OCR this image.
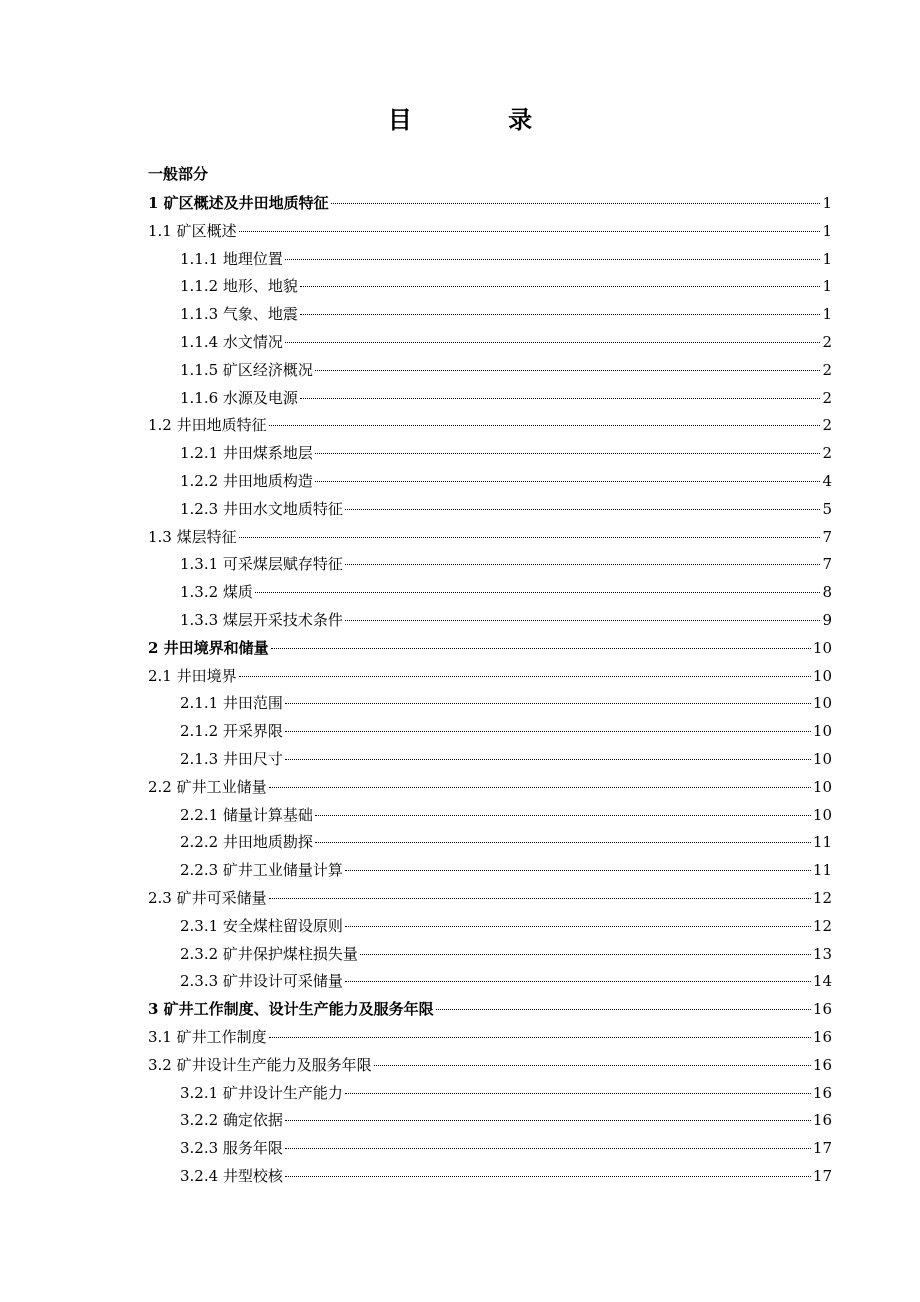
目 录
一般部分
1 矿区概述及井田地质特征	1
1.1 矿区概述	1
1.1.1 地理位置	1
1.1.2 地形、地貌	1
1.1.3 气象、地震	1
1.1.4 水文情况	2
1.1.5 矿区经济概况	2
1.1.6 水源及电源	2
1.2 井田地质特征	2
1.2.1 井田煤系地层	2
1.2.2 井田地质构造	4
1.2.3 井田水文地质特征	5
1.3 煤层特征	7
1.3.1 可采煤层赋存特征	7
1.3.2 煤质	8
1.3.3 煤层开采技术条件	9
2 井田境界和储量	10
2.1 井田境界	10
2.1.1 井田范围	10
2.1.2 开采界限	10
2.1.3 井田尺寸	10
2.2 矿井工业储量	10
2.2.1 储量计算基础	10
2.2.2 井田地质勘探	11
2.2.3 矿井工业储量计算	11
2.3 矿井可采储量	12
2.3.1 安全煤柱留设原则	12
2.3.2 矿井保护煤柱损失量	13
2.3.3 矿井设计可采储量	14
3 矿井工作制度、设计生产能力及服务年限	16
3.1 矿井工作制度	16
3.2 矿井设计生产能力及服务年限	16
3.2.1 矿井设计生产能力	16
3.2.2 确定依据	16
3.2.3 服务年限	17
3.2.4 井型校核	17
